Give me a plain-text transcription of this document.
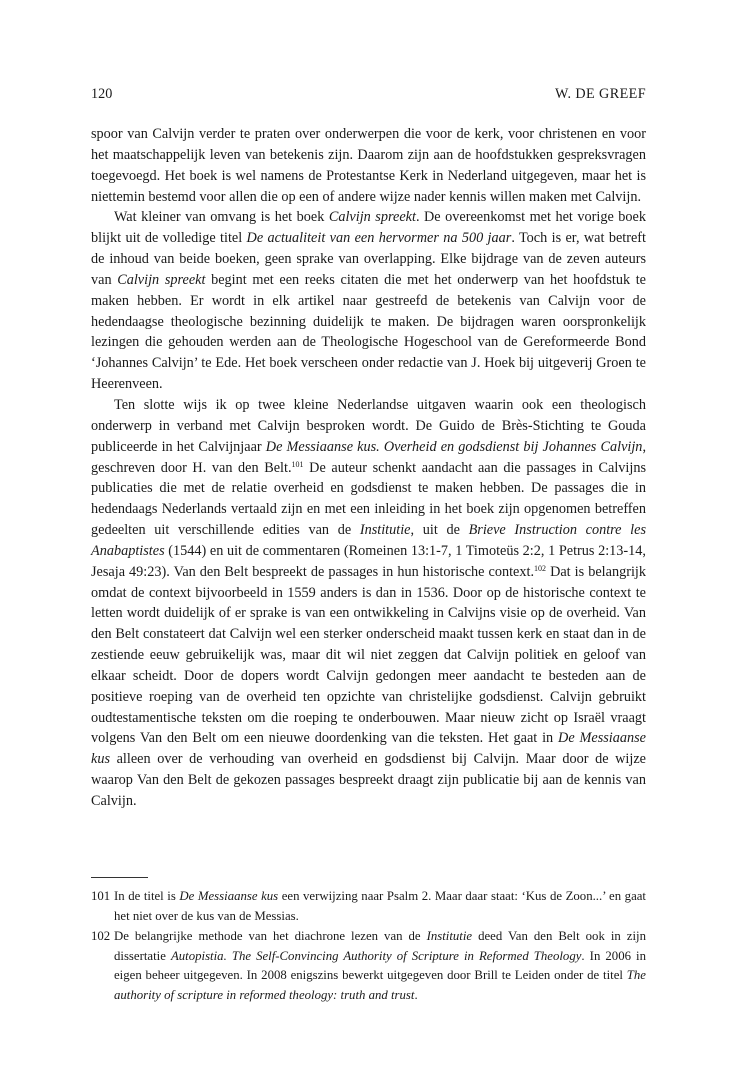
120	W. DE GREEF

spoor van Calvijn verder te praten over onderwerpen die voor de kerk, voor christenen en voor het maatschappelijk leven van betekenis zijn. Daarom zijn aan de hoofdstukken gespreksvragen toegevoegd. Het boek is wel namens de Protestantse Kerk in Nederland uitgegeven, maar het is niettemin bestemd voor allen die op een of andere wijze nader kennis willen maken met Calvijn.

Wat kleiner van omvang is het boek Calvijn spreekt. De overeenkomst met het vorige boek blijkt uit de volledige titel De actualiteit van een hervormer na 500 jaar. Toch is er, wat betreft de inhoud van beide boeken, geen sprake van overlapping. Elke bijdrage van de zeven auteurs van Calvijn spreekt begint met een reeks citaten die met het onderwerp van het hoofdstuk te maken hebben. Er wordt in elk artikel naar gestreefd de betekenis van Calvijn voor de hedendaagse theologische bezinning duidelijk te maken. De bijdragen waren oorspronkelijk lezingen die gehouden werden aan de Theologische Hogeschool van de Gereformeerde Bond ‘Johannes Calvijn’ te Ede. Het boek verscheen onder redactie van J. Hoek bij uitgeverij Groen te Heerenveen.

Ten slotte wijs ik op twee kleine Nederlandse uitgaven waarin ook een theologisch onderwerp in verband met Calvijn besproken wordt. De Guido de Brès-Stichting te Gouda publiceerde in het Calvijnjaar De Messiaanse kus. Overheid en godsdienst bij Johannes Calvijn, geschreven door H. van den Belt.$^{101}$ De auteur schenkt aandacht aan die passages in Calvijns publicaties die met de relatie overheid en godsdienst te maken hebben. De passages die in hedendaags Nederlands vertaald zijn en met een inleiding in het boek zijn opgenomen betreffen gedeelten uit verschillende edities van de Institutie, uit de Brieve Instruction contre les Anabaptistes (1544) en uit de commentaren (Romeinen 13:1-7, 1 Timoteüs 2:2, 1 Petrus 2:13-14, Jesaja 49:23). Van den Belt bespreekt de passages in hun historische context.$^{102}$ Dat is belangrijk omdat de context bijvoorbeeld in 1559 anders is dan in 1536. Door op de historische context te letten wordt duidelijk of er sprake is van een ontwikkeling in Calvijns visie op de overheid. Van den Belt constateert dat Calvijn wel een sterker onderscheid maakt tussen kerk en staat dan in de zestiende eeuw gebruikelijk was, maar dit wil niet zeggen dat Calvijn politiek en geloof van elkaar scheidt. Door de dopers wordt Calvijn gedongen meer aandacht te besteden aan de positieve roeping van de overheid ten opzichte van christelijke godsdienst. Calvijn gebruikt oudtestamentische teksten om die roeping te onderbouwen. Maar nieuw zicht op Israël vraagt volgens Van den Belt om een nieuwe doordenking van die teksten. Het gaat in De Messiaanse kus alleen over de verhouding van overheid en godsdienst bij Calvijn. Maar door de wijze waarop Van den Belt de gekozen passages bespreekt draagt zijn publicatie bij aan de kennis van Calvijn.

101 In de titel is De Messiaanse kus een verwijzing naar Psalm 2. Maar daar staat: ‘Kus de Zoon...’ en gaat het niet over de kus van de Messias.
102 De belangrijke methode van het diachrone lezen van de Institutie deed Van den Belt ook in zijn dissertatie Autopistia. The Self-Convincing Authority of Scripture in Reformed Theology. In 2006 in eigen beheer uitgegeven. In 2008 enigszins bewerkt uitgegeven door Brill te Leiden onder de titel The authority of scripture in reformed theology: truth and trust.
